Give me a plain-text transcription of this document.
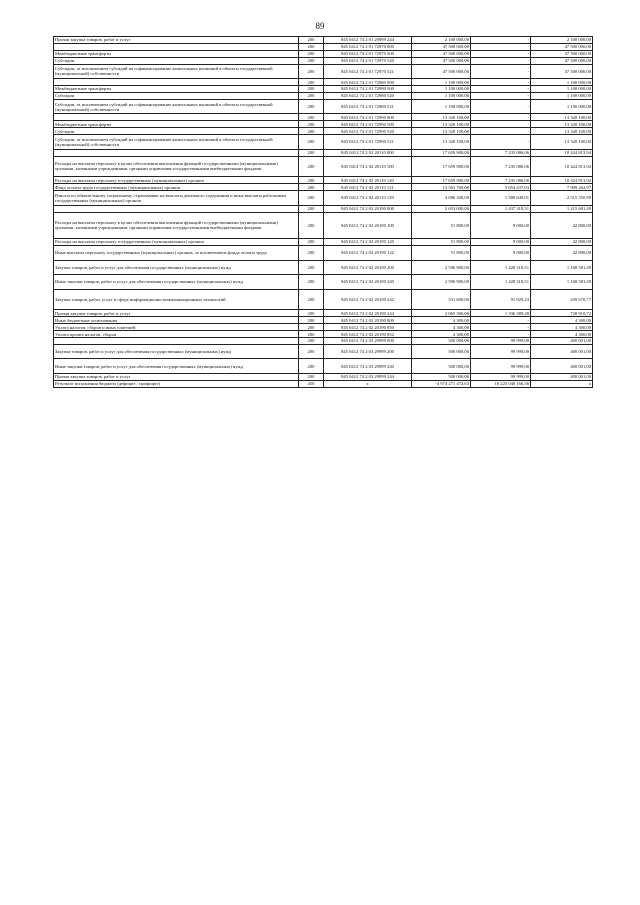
89
Прочая закупка товаров, работ и услуг	200	845 0412 74 2 01 29999 244	2 100 000,00	-	2 100 000,00
	200	845 0412 74 2 01 72970 000	47 500 000,00	-	47 500 000,00
Межбюджетные трансферты	200	845 0412 74 2 01 72970 500	47 500 000,00	-	47 500 000,00
Субсидии	200	845 0412 74 2 01 72970 520	47 500 000,00	-	47 500 000,00
Субсидии, за исключением субсидий на софинансирование капитальных вложений в объекты государственной (муниципальной) собственности	200	845 0412 74 2 01 72970 521	47 500 000,00	-	47 500 000,00
	200	845 0412 74 2 01 72980 000	1 100 000,00	-	1 100 000,00
Межбюджетные трансферты	200	845 0412 74 2 01 72980 500	1 100 000,00	-	1 100 000,00
Субсидии	200	845 0412 74 2 01 72980 520	1 100 000,00	-	1 100 000,00
Субсидии, за исключением субсидий на софинансирование капитальных вложений в объекты государственной (муниципальной) собственности	200	845 0412 74 2 01 72980 521	1 100 000,00	-	1 100 000,00
	200	845 0412 74 2 01 72990 000	13 320 100,00	-	13 320 100,00
Межбюджетные трансферты	200	845 0412 74 2 01 72990 500	13 320 100,00	-	13 320 100,00
Субсидии	200	845 0412 74 2 01 72990 520	13 320 100,00	-	13 320 100,00
Субсидии, за исключением субсидий на софинансирование капитальных вложений в объекты государственной (муниципальной) собственности	200	845 0412 74 2 01 72990 521	13 320 100,00	-	13 320 100,00
	200	845 0412 74 2 02 20110 000	17 659 900,00	7 235 086,06	10 424 813,94
Расходы на выплаты персоналу в целях обеспечения выполнения функций государственными (муниципальными) органами, казенными учреждениями, органами управления государственными внебюджетными фондами	200	845 0412 74 2 02 20110 100	17 659 900,00	7 235 086,06	10 424 813,94
Расходы на выплаты персоналу государственных (муниципальных) органов	200	845 0412 74 2 02 20110 120	17 659 900,00	7 235 086,06	10 424 813,94
Фонд оплаты труда государственных (муниципальных) органов	200	845 0412 74 2 02 20110 121	13 563 700,00	5 654 437,03	7 909 262,97
Взносы по обязательному социальному страхованию на выплаты денежного содержания и иные выплаты работникам государственных (муниципальных) органов	200	845 0412 74 2 02 20110 129	4 096 200,00	1 580 649,01	2 515 550,99
	200	845 0412 74 2 02 20190 000	2 653 000,00	1 437 318,51	1 215 681,49
Расходы на выплаты персоналу в целях обеспечения выполнения функций государственными (муниципальными) органами, казенными учреждениями, органами управления государственными внебюджетными фондами	200	845 0412 74 2 02 20190 100	51 800,00	9 000,00	42 800,00
Расходы на выплаты персоналу государственных (муниципальных) органов	200	845 0412 74 2 02 20190 120	51 800,00	9 000,00	42 800,00
Иные выплаты персоналу государственных (муниципальных) органов, за исключением фонда оплаты труда	200	845 0412 74 2 02 20190 122	51 800,00	9 000,00	42 800,00
Закупка товаров, работ и услуг для обеспечения государственных (муниципальных) нужд	200	845 0412 74 2 02 20190 200	2 596 900,00	1 428 318,51	1 168 581,49
Иные закупки товаров, работ и услуг для обеспечения государственных (муниципальных) нужд	200	845 0412 74 2 02 20190 240	2 596 900,00	1 428 318,51	1 168 581,49
Закупка товаров, работ, услуг в сфере информационно-коммуникационных технологий	200	845 0412 74 2 02 20190 242	531 600,00	91 929,23	439 670,77
Прочая закупка товаров, работ и услуг	200	845 0412 74 2 02 20190 244	2 065 300,00	1 336 389,28	728 910,72
Иные бюджетные ассигнования	200	845 0412 74 2 02 20190 800	4 300,00	-	4 300,00
Уплата налогов, сборов и иных платежей	200	845 0412 74 2 02 20190 850	4 300,00	-	4 300,00
Уплата прочих налогов, сборов	200	845 0412 74 2 02 20190 852	4 300,00	-	4 300,00
	200	845 0412 74 2 03 29999 000	500 000,00	99 999,00	400 001,00
Закупка товаров, работ и услуг для обеспечения государственных (муниципальных) нужд	200	845 0412 74 2 03 29999 200	500 000,00	99 999,00	400 001,00
Иные закупки товаров, работ и услуг для обеспечения государственных (муниципальных) нужд	200	845 0412 74 2 03 29999 240	500 000,00	99 999,00	400 001,00
Прочая закупка товаров, работ и услуг	200	845 0412 74 2 03 29999 244	500 000,00	99 999,00	400 001,00
Результат исполнения бюджета (дефицит / профицит)	450	x	-4 974 271 472,63	10 225 040 166,36	x
